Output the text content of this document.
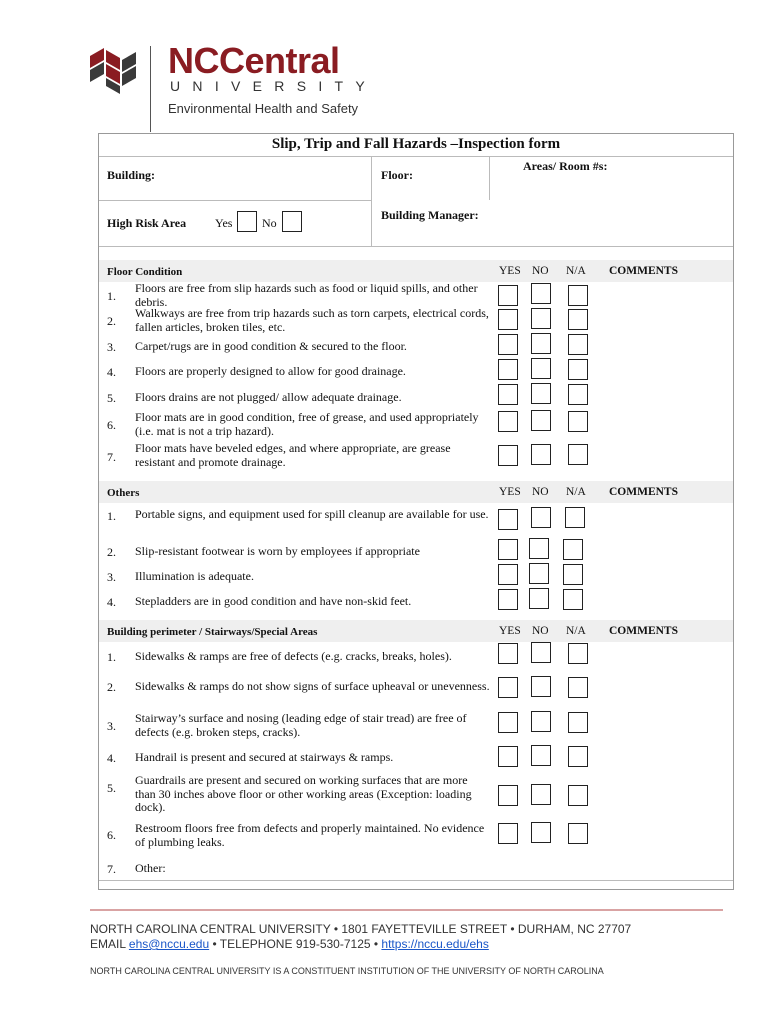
NCCentral
UNIVERSITY
Environmental Health and Safety
Slip, Trip and Fall Hazards –Inspection form
Building:	Floor:
Areas/ Room #s:
High Risk Area Yes No
Building Manager:
Floor Condition	YES NO N/A COMMENTS
1.
Floors are free from slip hazards such as food or liquid spills, and other debris.
2.
Walkways are free from trip hazards such as torn carpets, electrical cords, fallen articles, broken tiles, etc.
3. Carpet/rugs are in good condition & secured to the floor.
4. Floors are properly designed to allow for good drainage.
5. Floors drains are not plugged/ allow adequate drainage.
6.
Floor mats are in good condition, free of grease, and used appropriately (i.e. mat is not a trip hazard).
7.
Floor mats have beveled edges, and where appropriate, are grease resistant and promote drainage.
Others	YES NO N/A COMMENTS
1. Portable signs, and equipment used for spill cleanup are available for use.
2. Slip-resistant footwear is worn by employees if appropriate
3. Illumination is adequate.
4. Stepladders are in good condition and have non-skid feet.
Building perimeter / Stairways/Special Areas	YES NO N/A COMMENTS
1. Sidewalks & ramps are free of defects (e.g. cracks, breaks, holes).
2. Sidewalks & ramps do not show signs of surface upheaval or unevenness.
3.
Stairway’s surface and nosing (leading edge of stair tread) are free of defects (e.g. broken steps, cracks).
4. Handrail is present and secured at stairways & ramps.
5.
Guardrails are present and secured on working surfaces that are more than 30 inches above floor or other working areas (Exception: loading dock).
6. Restroom floors free from defects and properly maintained. No evidence of plumbing leaks.
7. Other:
NORTH CAROLINA CENTRAL UNIVERSITY • 1801 FAYETTEVILLE STREET • DURHAM, NC 27707
EMAIL ehs@nccu.edu • TELEPHONE 919-530-7125 • https://nccu.edu/ehs
NORTH CAROLINA CENTRAL UNIVERSITY IS A CONSTITUENT INSTITUTION OF THE UNIVERSITY OF NORTH CAROLINA
